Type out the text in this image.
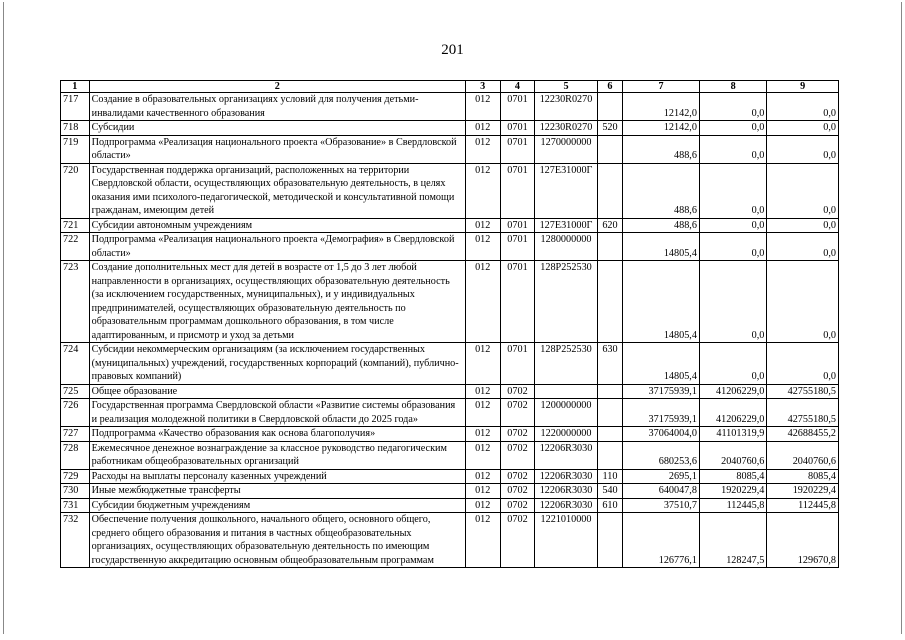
201
1	2	3	4	5	6	7	8	9
717	Создание в образовательных организациях условий для получения детьми-инвалидами качественного образования	012	0701	12230R0270		12142,0	0,0	0,0
718	Субсидии	012	0701	12230R0270	520	12142,0	0,0	0,0
719	Подпрограмма «Реализация национального проекта «Образование» в Свердловской области»	012	0701	1270000000		488,6	0,0	0,0
720	Государственная поддержка организаций, расположенных на территории Свердловской области, осуществляющих образовательную деятельность, в целях оказания ими психолого-педагогической, методической и консультативной помощи гражданам, имеющим детей	012	0701	127E31000Г		488,6	0,0	0,0
721	Субсидии автономным учреждениям	012	0701	127E31000Г	620	488,6	0,0	0,0
722	Подпрограмма «Реализация национального проекта «Демография» в Свердловской области»	012	0701	1280000000		14805,4	0,0	0,0
723	Создание дополнительных мест для детей в возрасте от 1,5 до 3 лет любой направленности в организациях, осуществляющих образовательную деятельность (за исключением государственных, муниципальных), и у индивидуальных предпринимателей, осуществляющих образовательную деятельность по образовательным программам дошкольного образования, в том числе адаптированным, и присмотр и уход за детьми	012	0701	128P252530		14805,4	0,0	0,0
724	Субсидии некоммерческим организациям (за исключением государственных (муниципальных) учреждений, государственных корпораций (компаний), публично-правовых компаний)	012	0701	128P252530	630	14805,4	0,0	0,0
725	Общее образование	012	0702			37175939,1	41206229,0	42755180,5
726	Государственная программа Свердловской области «Развитие системы образования и реализация молодежной политики в Свердловской области до 2025 года»	012	0702	1200000000		37175939,1	41206229,0	42755180,5
727	Подпрограмма «Качество образования как основа благополучия»	012	0702	1220000000		37064004,0	41101319,9	42688455,2
728	Ежемесячное денежное вознаграждение за классное руководство педагогическим работникам общеобразовательных организаций	012	0702	12206R3030		680253,6	2040760,6	2040760,6
729	Расходы на выплаты персоналу казенных учреждений	012	0702	12206R3030	110	2695,1	8085,4	8085,4
730	Иные межбюджетные трансферты	012	0702	12206R3030	540	640047,8	1920229,4	1920229,4
731	Субсидии бюджетным учреждениям	012	0702	12206R3030	610	37510,7	112445,8	112445,8
732	Обеспечение получения дошкольного, начального общего, основного общего, среднего общего образования и питания в частных общеобразовательных организациях, осуществляющих образовательную деятельность по имеющим государственную аккредитацию основным общеобразовательным программам	012	0702	1221010000		126776,1	128247,5	129670,8
